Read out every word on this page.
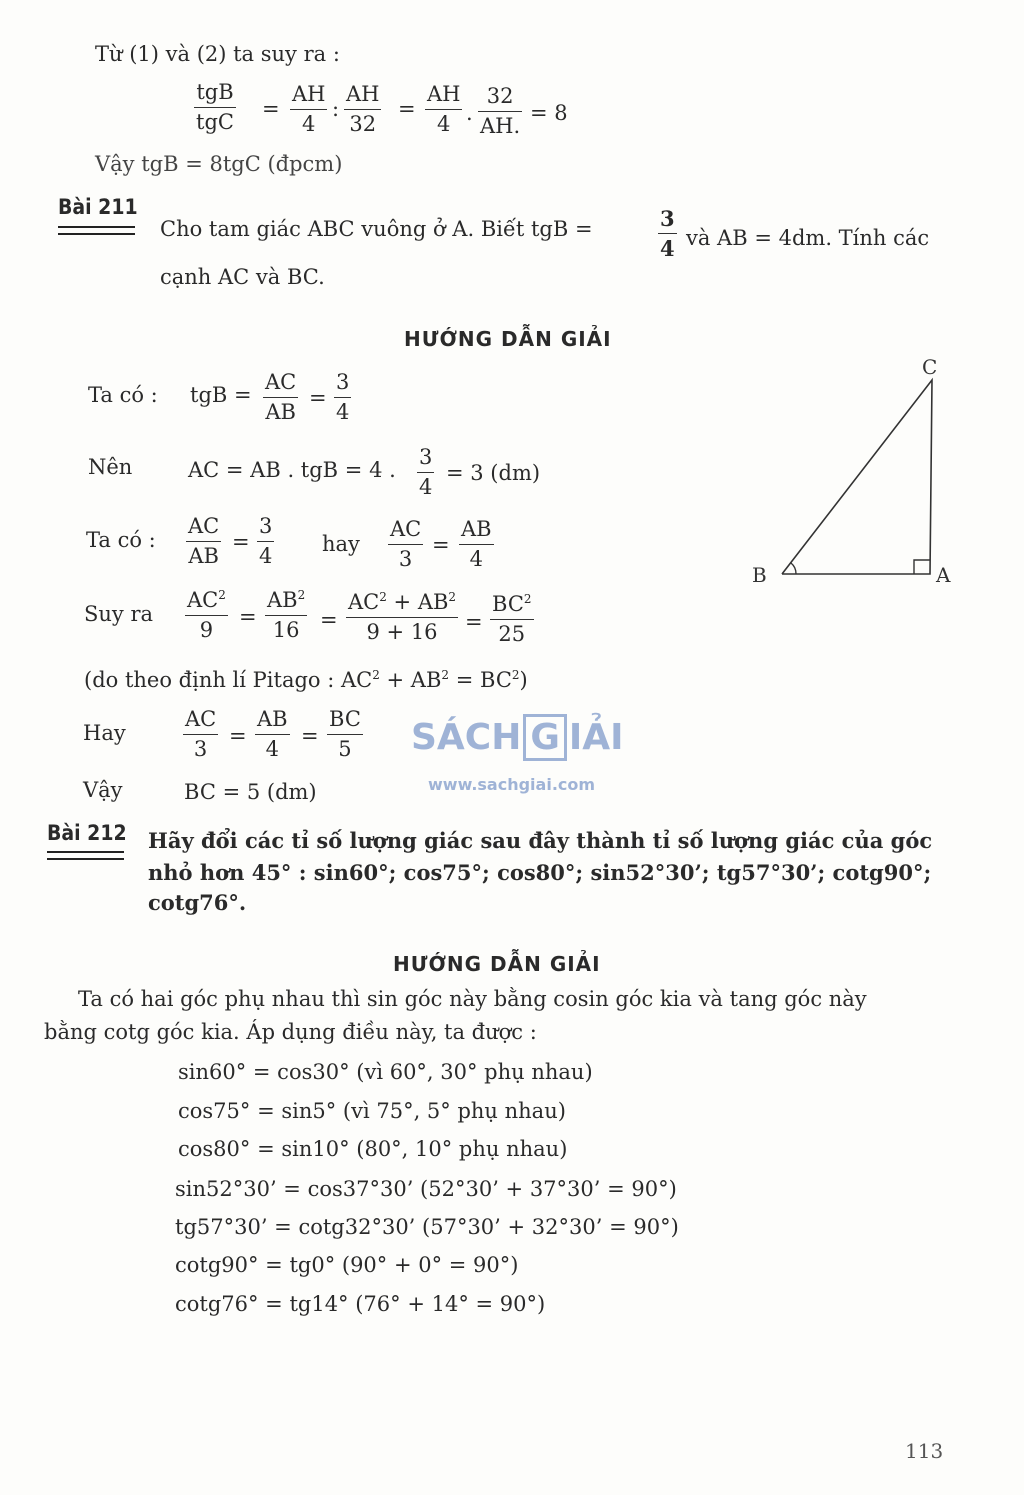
Từ (1) và (2) ta suy ra :
tgB
tgC
= $\frac{AH}{4}$ : $\frac{AH}{32} = \frac{AH}{4}$ . $\frac{32}{AH.} = 8$
Vậy tgB = 8tgC (đpcm)
Bài 211
Cho tam giác ABC vuông ở A. Biết tgB =	$\frac{3}{4}$ và AB = 4dm. Tính các
cạnh AC và BC.
HƯỚNG DẪN GIẢI
Ta có : tgB = $\frac{AC}{AB} = \frac{3}{4}$
Nên	AC = AB . tgB = 4 . $\frac{3}{4} = 3$ (dm)
Ta có : $\frac{AC}{AB} = \frac{3}{4}$ hay $\frac{AC}{3} = \frac{AB}{4}$
Suy ra $\frac{AC^2}{9} = \frac{AB^2}{16} = \frac{AC^2 + AB^2}{9 + 16} = \frac{BC^2}{25}$
(do theo định lí Pitago : $AC^2 + AB^2 = BC^2$)
Hay	$\frac{AC}{3} = \frac{AB}{4} = \frac{BC}{5}$
Vậy	BC = 5 (dm)
C
B	A
SÁCH G IẢI
www.sachgiai.com
Bài 212 Hãy đổi các tỉ số lượng giác sau đây thành tỉ số lượng giác của góc
nhỏ hơn 45° : sin60°; cos75°; cos80°; sin52°30’; tg57°30’; cotg90°;
cotg76°.
HƯỚNG DẪN GIẢI
Ta có hai góc phụ nhau thì sin góc này bằng cosin góc kia và tang góc này
bằng cotg góc kia. Áp dụng điều này, ta được :
sin60° = cos30° (vì 60°, 30° phụ nhau)
cos75° = sin5° (vì 75°, 5° phụ nhau)
cos80° = sin10° (80°, 10° phụ nhau)
sin52°30’ = cos37°30’ (52°30’ + 37°30’ = 90°)
tg57°30’ = cotg32°30’ (57°30’ + 32°30’ = 90°)
cotg90° = tg0° (90° + 0° = 90°)
cotg76° = tg14° (76° + 14° = 90°)
113
